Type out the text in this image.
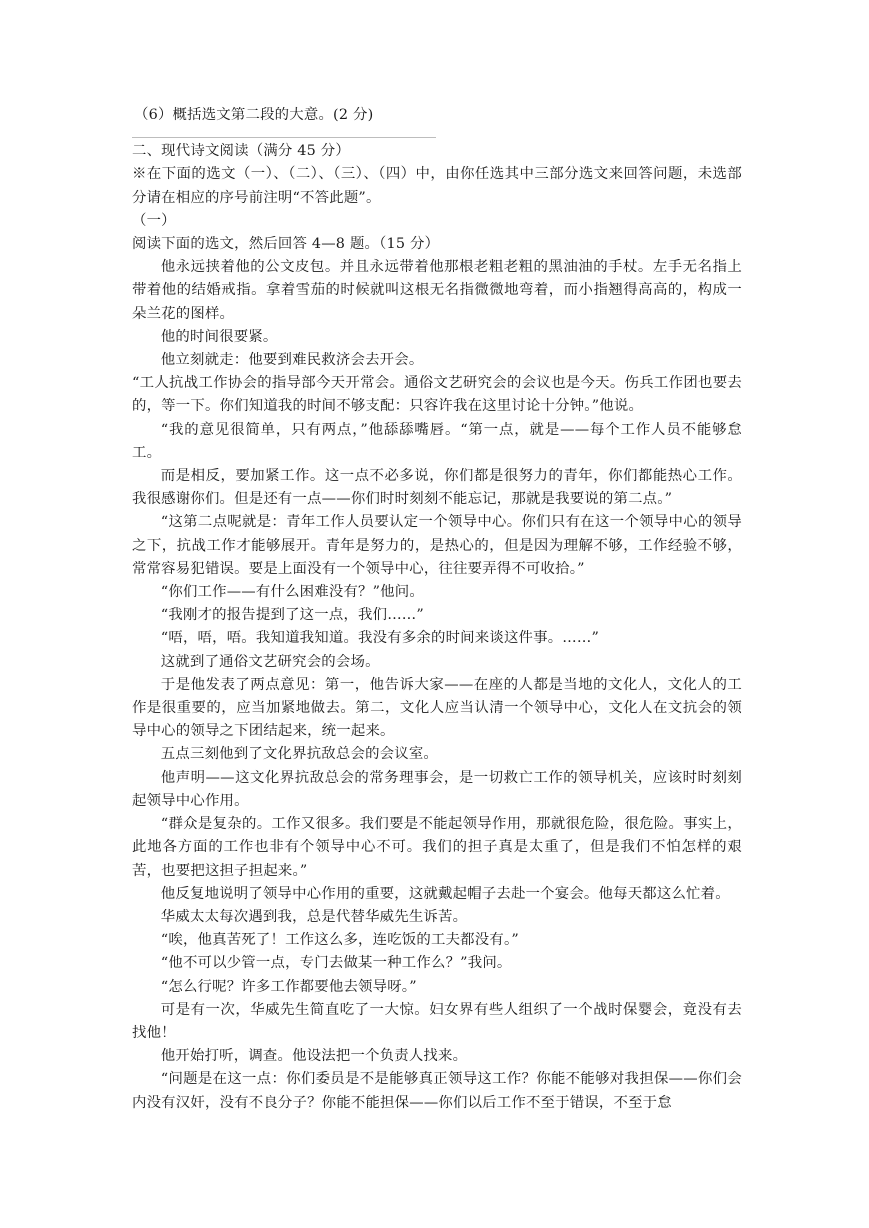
（6）概括选文第二段的大意。(2 分)

二、现代诗文阅读（满分 45 分）

※在下面的选文（一）、（二）、（三）、（四）中，由你任选其中三部分选文来回答问题，未选部分请在相应的序号前注明“不答此题”。

（一）

阅读下面的选文，然后回答 4—8 题。（15 分）

他永远挟着他的公文皮包。并且永远带着他那根老粗老粗的黑油油的手杖。左手无名指上带着他的结婚戒指。拿着雪茄的时候就叫这根无名指微微地弯着，而小指翘得高高的，构成一朵兰花的图样。

他的时间很要紧。

他立刻就走：他要到难民救济会去开会。

“工人抗战工作协会的指导部今天开常会。通俗文艺研究会的会议也是今天。伤兵工作团也要去的，等一下。你们知道我的时间不够支配：只容许我在这里讨论十分钟。”他说。

“我的意见很简单，只有两点，”他舔舔嘴唇。“第一点，就是——每个工作人员不能够怠工。

而是相反，要加紧工作。这一点不必多说，你们都是很努力的青年，你们都能热心工作。我很感谢你们。但是还有一点——你们时时刻刻不能忘记，那就是我要说的第二点。”

“这第二点呢就是：青年工作人员要认定一个领导中心。你们只有在这一个领导中心的领导之下，抗战工作才能够展开。青年是努力的，是热心的，但是因为理解不够，工作经验不够，常常容易犯错误。要是上面没有一个领导中心，往往要弄得不可收拾。”

“你们工作——有什么困难没有？”他问。

“我刚才的报告提到了这一点，我们……”

“唔，唔，唔。我知道我知道。我没有多余的时间来谈这件事。……”

这就到了通俗文艺研究会的会场。

于是他发表了两点意见：第一，他告诉大家——在座的人都是当地的文化人，文化人的工作是很重要的，应当加紧地做去。第二，文化人应当认清一个领导中心，文化人在文抗会的领导中心的领导之下团结起来，统一起来。

五点三刻他到了文化界抗敌总会的会议室。

他声明——这文化界抗敌总会的常务理事会，是一切救亡工作的领导机关，应该时时刻刻起领导中心作用。

“群众是复杂的。工作又很多。我们要是不能起领导作用，那就很危险，很危险。事实上，此地各方面的工作也非有个领导中心不可。我们的担子真是太重了，但是我们不怕怎样的艰苦，也要把这担子担起来。”

他反复地说明了领导中心作用的重要，这就戴起帽子去赴一个宴会。他每天都这么忙着。

华威太太每次遇到我，总是代替华威先生诉苦。

“唉，他真苦死了！工作这么多，连吃饭的工夫都没有。”

“他不可以少管一点，专门去做某一种工作么？”我问。

“怎么行呢？许多工作都要他去领导呀。”

可是有一次，华威先生简直吃了一大惊。妇女界有些人组织了一个战时保婴会，竟没有去找他！

他开始打听，调查。他设法把一个负责人找来。

“问题是在这一点：你们委员是不是能够真正领导这工作？你能不能够对我担保——你们会内没有汉奸，没有不良分子？你能不能担保——你们以后工作不至于错误，不至于怠
